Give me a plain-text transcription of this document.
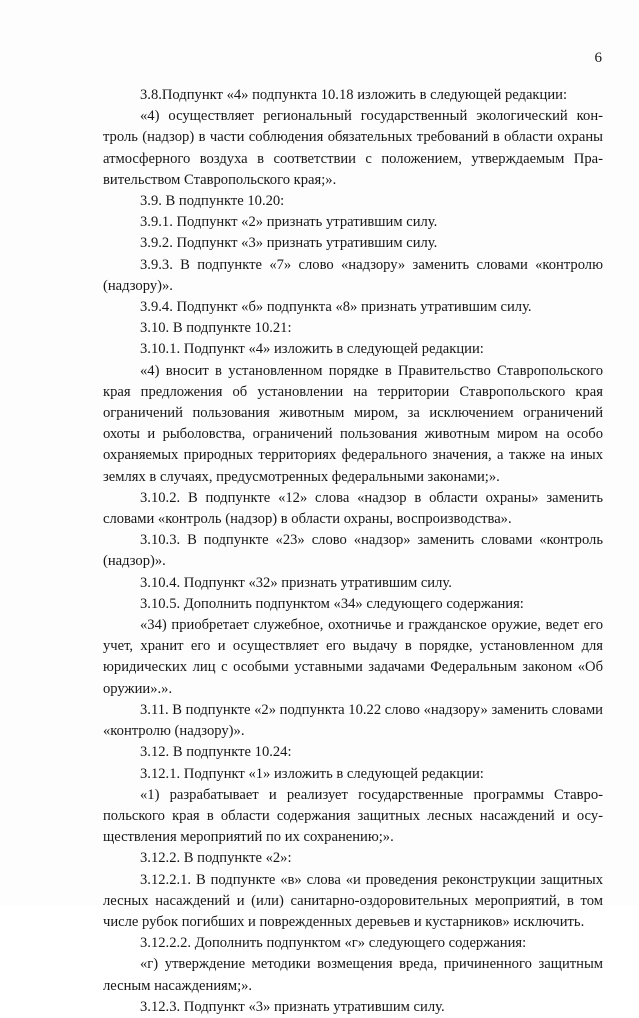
6

3.8.Подпункт «4» подпункта 10.18 изложить в следующей редакции:

«4) осуществляет региональный государственный экологический контроль (надзор) в части соблюдения обязательных требований в области охраны атмосферного воздуха в соответствии с положением, утверждаемым Правительством Ставропольского края;».

3.9. В подпункте 10.20:

3.9.1. Подпункт «2» признать утратившим силу.

3.9.2. Подпункт «3» признать утратившим силу.

3.9.3. В подпункте «7» слово «надзору» заменить словами «контролю (надзору)».

3.9.4. Подпункт «б» подпункта «8» признать утратившим силу.

3.10. В подпункте 10.21:

3.10.1. Подпункт «4» изложить в следующей редакции:

«4) вносит в установленном порядке в Правительство Ставропольского края предложения об установлении на территории Ставропольского края ограничений пользования животным миром, за исключением ограничений охоты и рыболовства, ограничений пользования животным миром на особо охраняемых природных территориях федерального значения, а также на иных землях в случаях, предусмотренных федеральными законами;».

3.10.2. В подпункте «12» слова «надзор в области охраны» заменить словами «контроль (надзор) в области охраны, воспроизводства».

3.10.3. В подпункте «23» слово «надзор» заменить словами «контроль (надзор)».

3.10.4. Подпункт «32» признать утратившим силу.

3.10.5. Дополнить подпунктом «34» следующего содержания:

«34) приобретает служебное, охотничье и гражданское оружие, ведет его учет, хранит его и осуществляет его выдачу в порядке, установленном для юридических лиц с особыми уставными задачами Федеральным законом «Об оружии».».

3.11. В подпункте «2» подпункта 10.22 слово «надзору» заменить словами «контролю (надзору)».

3.12. В подпункте 10.24:

3.12.1. Подпункт «1» изложить в следующей редакции:

«1) разрабатывает и реализует государственные программы Ставропольского края в области содержания защитных лесных насаждений и осуществления мероприятий по их сохранению;».

3.12.2. В подпункте «2»:

3.12.2.1. В подпункте «в» слова «и проведения реконструкции защитных лесных насаждений и (или) санитарно-оздоровительных мероприятий, в том числе рубок погибших и поврежденных деревьев и кустарников» исключить.

3.12.2.2. Дополнить подпунктом «г» следующего содержания:

«г) утверждение методики возмещения вреда, причиненного защитным лесным насаждениям;».

3.12.3. Подпункт «3» признать утратившим силу.
